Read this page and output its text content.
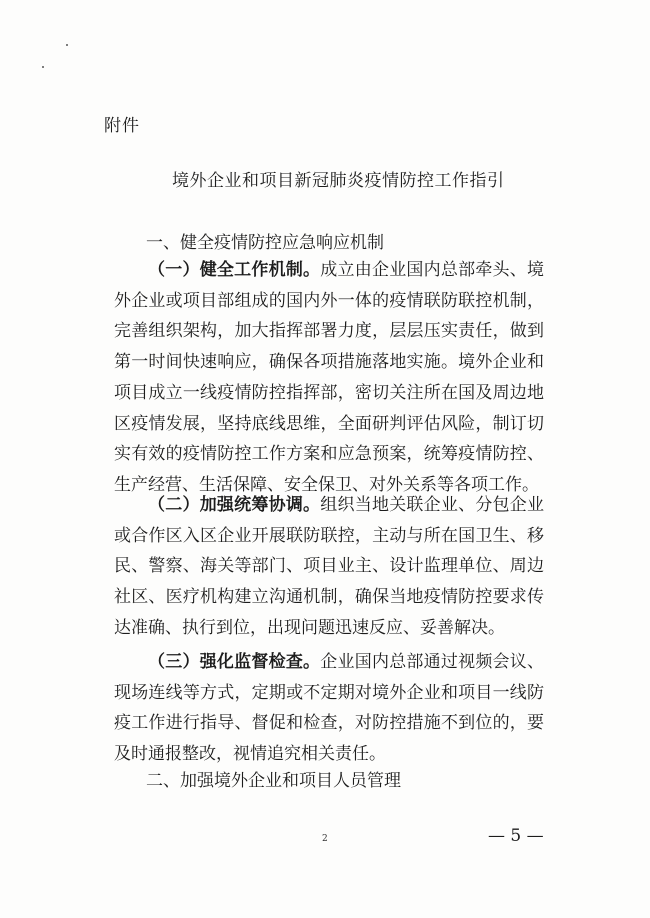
附件
境外企业和项目新冠肺炎疫情防控工作指引
一、健全疫情防控应急响应机制

（一）健全工作机制。成立由企业国内总部牵头、境外企业或项目部组成的国内外一体的疫情联防联控机制，完善组织架构，加大指挥部署力度，层层压实责任，做到第一时间快速响应，确保各项措施落地实施。境外企业和项目成立一线疫情防控指挥部，密切关注所在国及周边地区疫情发展，坚持底线思维，全面研判评估风险，制订切实有效的疫情防控工作方案和应急预案，统筹疫情防控、生产经营、生活保障、安全保卫、对外关系等各项工作。

（二）加强统筹协调。组织当地关联企业、分包企业或合作区入区企业开展联防联控，主动与所在国卫生、移民、警察、海关等部门、项目业主、设计监理单位、周边社区、医疗机构建立沟通机制，确保当地疫情防控要求传达准确、执行到位，出现问题迅速反应、妥善解决。

（三）强化监督检查。企业国内总部通过视频会议、现场连线等方式，定期或不定期对境外企业和项目一线防疫工作进行指导、督促和检查，对防控措施不到位的，要及时通报整改，视情追究相关责任。

二、加强境外企业和项目人员管理
2	— 5 —
